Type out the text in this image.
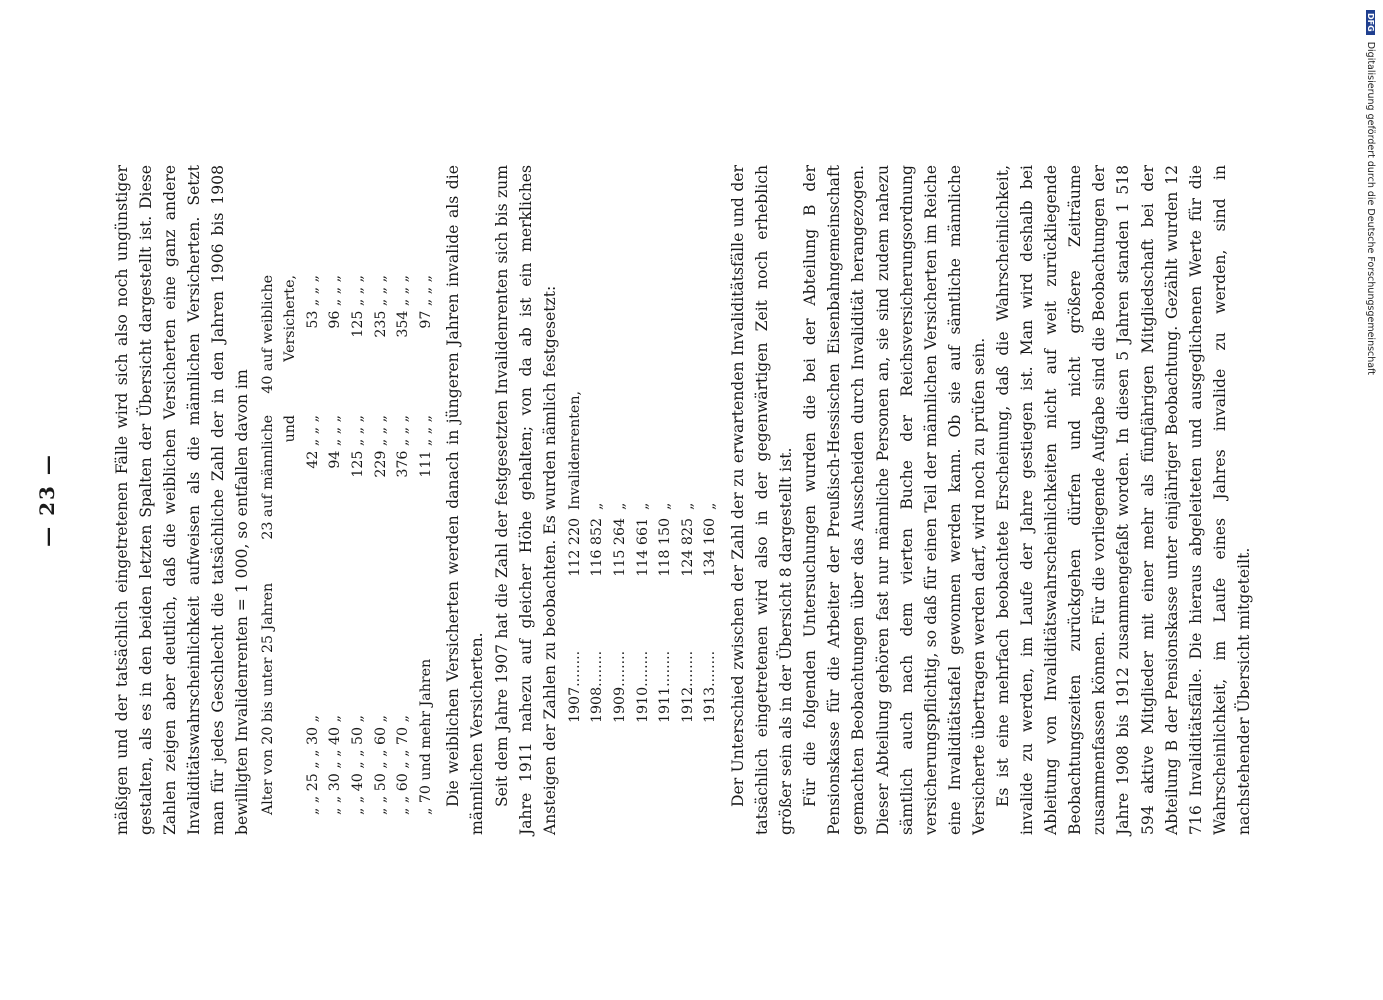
— 23 —	mäßigen und der tatsächlich eingetretenen Fälle wird sich also noch ungünstiger gestalten, als es in den beiden letzten Spalten der Übersicht dargestellt ist. Diese Zahlen zeigen aber deutlich, daß die weiblichen Versicherten eine ganz andere Invaliditätswahrscheinlichkeit aufweisen als die männlichen Versicherten. Setzt man für jedes Geschlecht die tatsächliche Zahl der in den Jahren 1906 bis 1908 bewilligten Invalidenrenten = 1 000, so entfallen davon im Alter von 20 bis unter 25 Jahren
23 auf männliche und
40 auf weibliche Versicherte,
„ „ 25 „ „ 30 „
42 „ „ „
53 „ „ „
„ „ 30 „ „ 40 „
94 „ „ „
96 „ „ „
„ „ 40 „ „ 50 „
125 „ „ „
125 „ „ „
„ „ 50 „ „ 60 „
229 „ „ „
235 „ „ „
„ „ 60 „ „ 70 „
376 „ „ „
354 „ „ „
„ 70 und mehr Jahren
111 „ „ „
97 „ „ „ Die weiblichen Versicherten werden danach in jüngeren Jahren invalide als die männlichen Versicherten. Seit dem Jahre 1907 hat die Zahl der festgesetzten Invalidenrenten sich bis zum Jahre 1911 nahezu auf gleicher Höhe gehalten; von da ab ist ein merkliches Ansteigen der Zahlen zu beobachten. Es wurden nämlich festgesetzt: 1907........
112 220
Invalidenrenten,
1908........
116 852
„
1909........
115 264
„
1910........
114 661
„
1911........
118 150
„
1912........
124 825
„
1913........
134 160
„ Der Unterschied zwischen der Zahl der zu erwartenden Invaliditätsfälle und der tatsächlich eingetretenen wird also in der gegenwärtigen Zeit noch erheblich größer sein als in der Übersicht 8 dargestellt ist. Für die folgenden Untersuchungen wurden die bei der Abteilung B der Pensionskasse für die Arbeiter der Preußisch-Hessischen Eisenbahngemeinschaft gemachten Beobachtungen über das Ausscheiden durch Invalidität herangezogen. Dieser Abteilung gehören fast nur männliche Personen an, sie sind zudem nahezu sämtlich auch nach dem vierten Buche der Reichsversicherungsordnung versicherungspflichtig, so daß für einen Teil der männlichen Versicherten im Reiche eine Invaliditätstafel gewonnen werden kann. Ob sie auf sämtliche männliche Versicherte übertragen werden darf, wird noch zu prüfen sein. Es ist eine mehrfach beobachtete Erscheinung, daß die Wahrscheinlichkeit, invalide zu werden, im Laufe der Jahre gestiegen ist. Man wird deshalb bei Ableitung von Invaliditätswahrscheinlichkeiten nicht auf weit zurückliegende Beobachtungszeiten zurückgehen dürfen und nicht größere Zeiträume zusammenfassen können. Für die vorliegende Aufgabe sind die Beobachtungen der Jahre 1908 bis 1912 zusammengefaßt worden. In diesen 5 Jahren standen 1 518 594 aktive Mitglieder mit einer mehr als fünfjährigen Mitgliedschaft bei der Abteilung B der Pensionskasse unter einjähriger Beobachtung. Gezählt wurden 12 716 Invaliditätsfälle. Die hieraus abgeleiteten und ausgeglichenen Werte für die Wahrscheinlichkeit, im Laufe eines Jahres invalide zu werden, sind in nachstehender Übersicht mitgeteilt.

DFG Digitalisierung gefördert durch die Deutsche Forschungsgemeinschaft
